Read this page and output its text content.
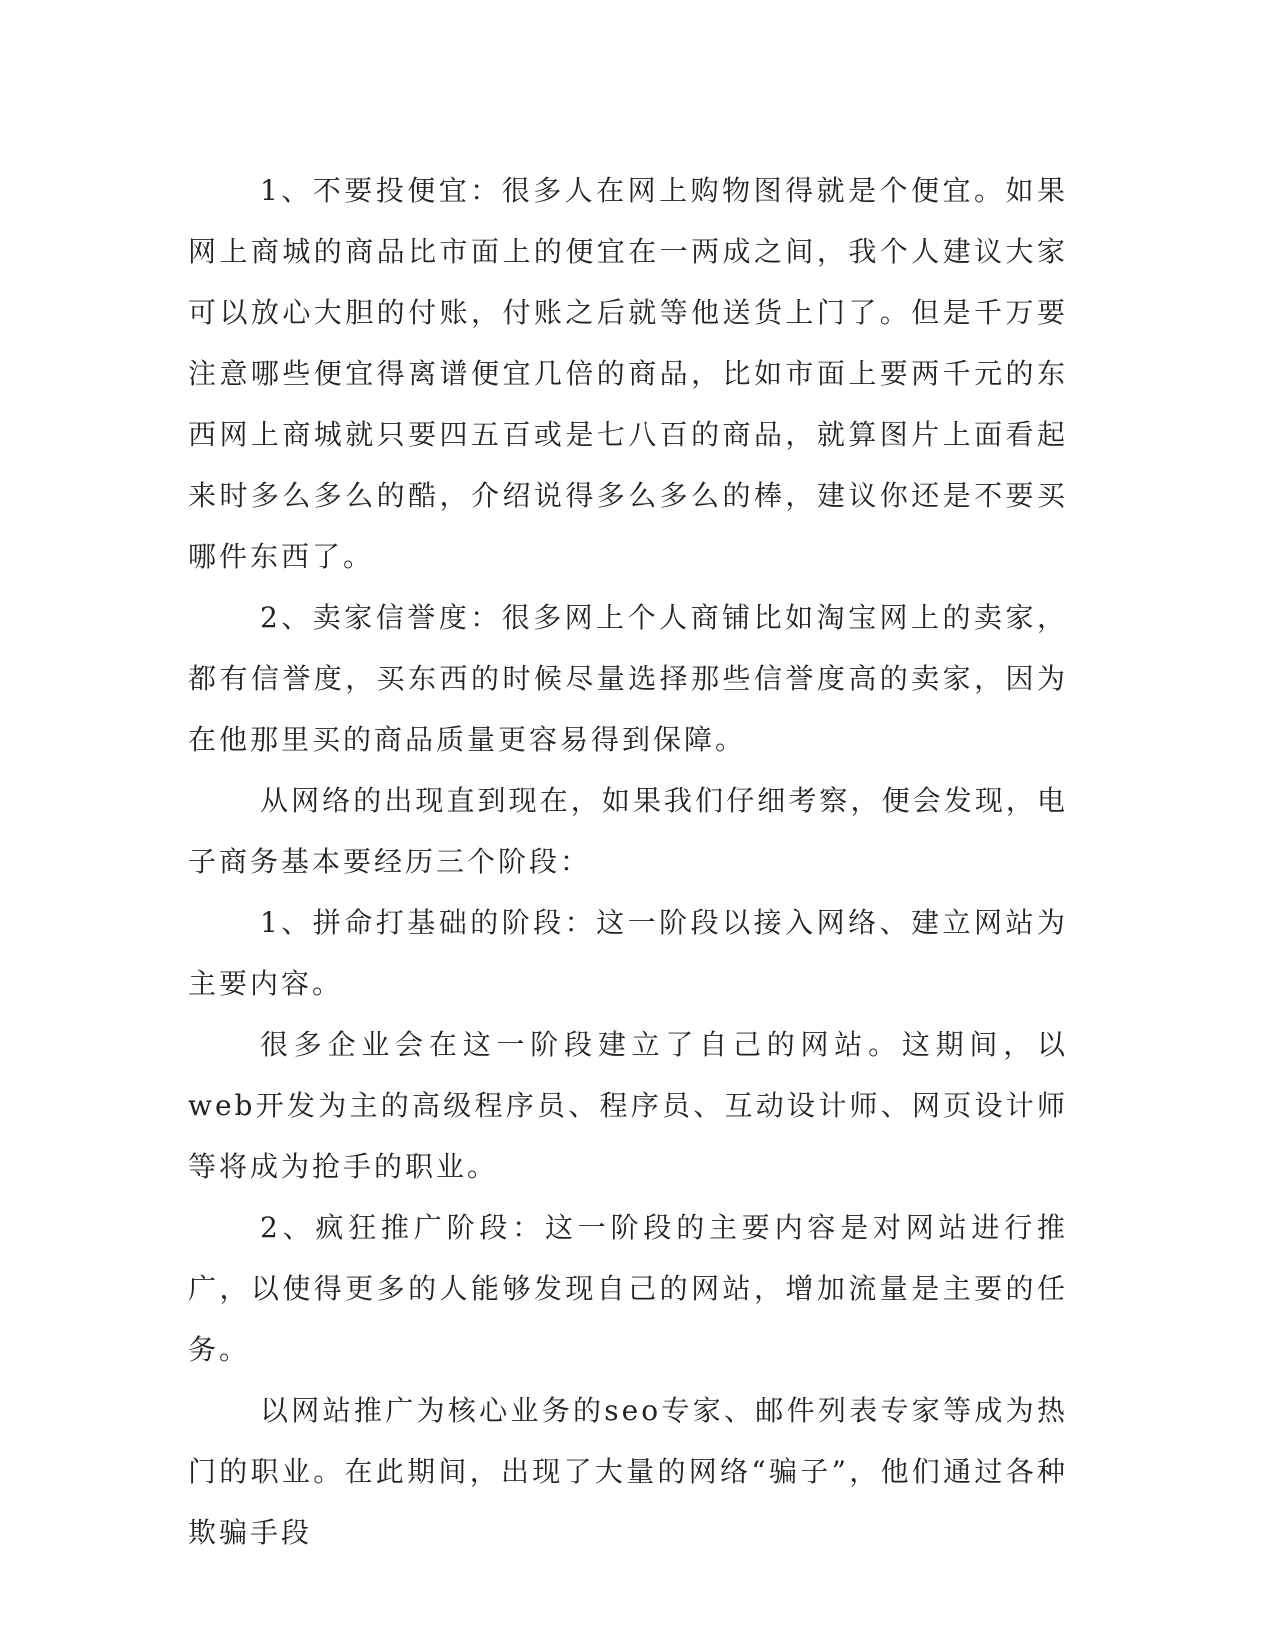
1、不要投便宜：很多人在网上购物图得就是个便宜。如果网上商城的商品比市面上的便宜在一两成之间，我个人建议大家可以放心大胆的付账，付账之后就等他送货上门了。但是千万要注意哪些便宜得离谱便宜几倍的商品，比如市面上要两千元的东西网上商城就只要四五百或是七八百的商品，就算图片上面看起来时多么多么的酷，介绍说得多么多么的棒，建议你还是不要买哪件东西了。

2、卖家信誉度：很多网上个人商铺比如淘宝网上的卖家，都有信誉度，买东西的时候尽量选择那些信誉度高的卖家，因为在他那里买的商品质量更容易得到保障。

从网络的出现直到现在，如果我们仔细考察，便会发现，电子商务基本要经历三个阶段：

1、拼命打基础的阶段：这一阶段以接入网络、建立网站为主要内容。

很多企业会在这一阶段建立了自己的网站。这期间，以web开发为主的高级程序员、程序员、互动设计师、网页设计师等将成为抢手的职业。

2、疯狂推广阶段：这一阶段的主要内容是对网站进行推广，以使得更多的人能够发现自己的网站，增加流量是主要的任务。

以网站推广为核心业务的seo专家、邮件列表专家等成为热门的职业。在此期间，出现了大量的网络“骗子”，他们通过各种欺骗手段
